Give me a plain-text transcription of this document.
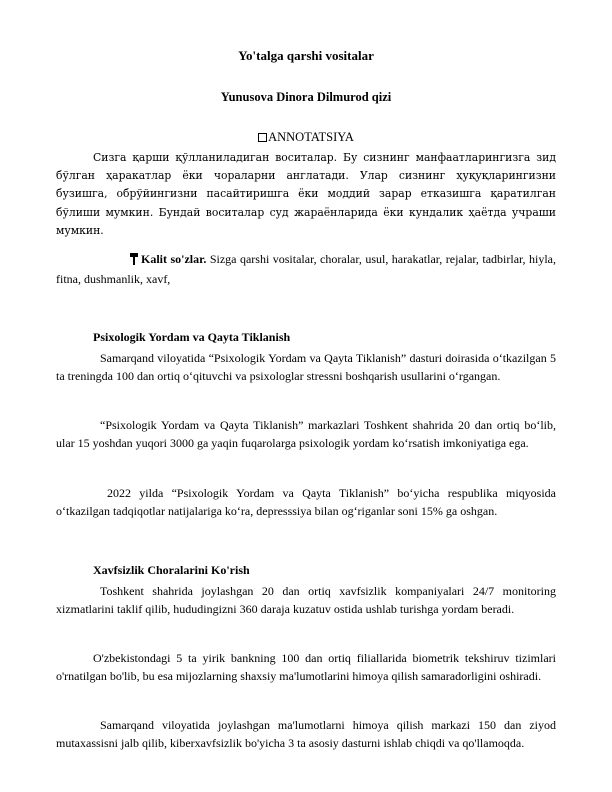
Yo'talga qarshi vositalar
Yunusova Dinora Dilmurod qizi
ANNOTATSIYA
Сизга қарши қўлланиладиган воситалар. Бу сизнинг манфаатларингизга зид бўлган ҳаракатлар ёки чораларни англатади. Улар сизнинг ҳуқуқларингизни бузишга, обрўйингизни пасайтиришга ёки моддий зарар етказишга қаратилган бўлиши мумкин. Бундай воситалар суд жараёнларида ёки кундалик ҳаётда учраши мумкин.
Kalit so'zlar. Sizga qarshi vositalar, choralar, usul, harakatlar, rejalar, tadbirlar, hiyla, fitna, dushmanlik, xavf,
Psixologik Yordam va Qayta Tiklanish
Samarqand viloyatida “Psixologik Yordam va Qayta Tiklanish” dasturi doirasida oʻtkazilgan 5 ta treningda 100 dan ortiq oʻqituvchi va psixologlar stressni boshqarish usullarini oʻrgangan.
“Psixologik Yordam va Qayta Tiklanish” markazlari Toshkent shahrida 20 dan ortiq boʻlib, ular 15 yoshdan yuqori 3000 ga yaqin fuqarolarga psixologik yordam koʻrsatish imkoniyatiga ega.
2022 yilda “Psixologik Yordam va Qayta Tiklanish” boʻyicha respublika miqyosida oʻtkazilgan tadqiqotlar natijalariga koʻra, depresssiya bilan ogʻriganlar soni 15% ga oshgan.
Xavfsizlik Choralarini Ko'rish
Toshkent shahrida joylashgan 20 dan ortiq xavfsizlik kompaniyalari 24/7 monitoring xizmatlarini taklif qilib, hududingizni 360 daraja kuzatuv ostida ushlab turishga yordam beradi.
O'zbekistondagi 5 ta yirik bankning 100 dan ortiq filiallarida biometrik tekshiruv tizimlari o'rnatilgan bo'lib, bu esa mijozlarning shaxsiy ma'lumotlarini himoya qilish samaradorligini oshiradi.
Samarqand viloyatida joylashgan ma'lumotlarni himoya qilish markazi 150 dan ziyod mutaxassisni jalb qilib, kiberxavfsizlik bo'yicha 3 ta asosiy dasturni ishlab chiqdi va qo'llamoqda.
